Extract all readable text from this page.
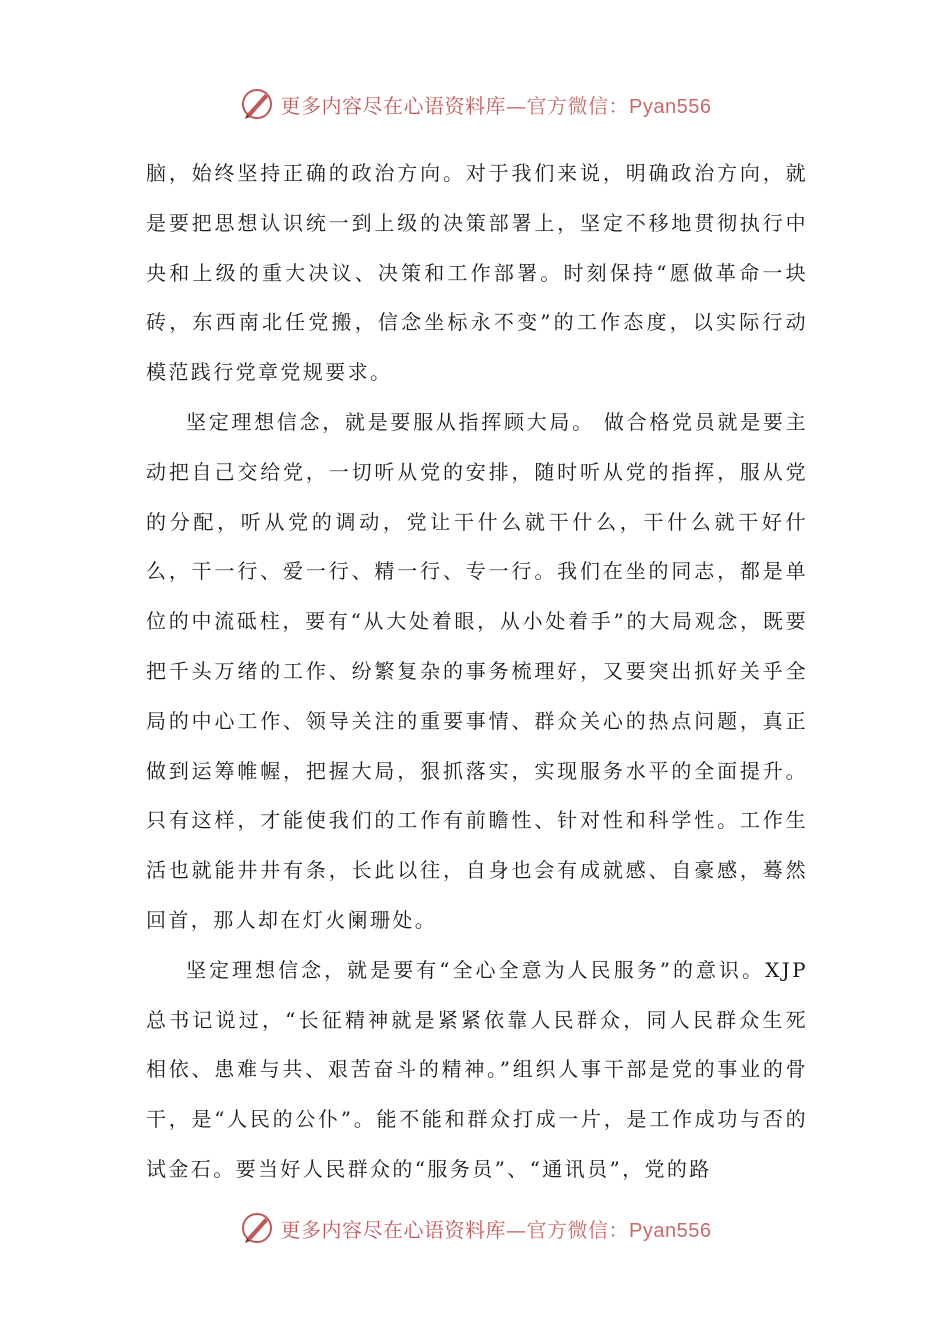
更多内容尽在心语资料库—官方微信：Pyan556

脑，始终坚持正确的政治方向。对于我们来说，明确政治方向，就是要把思想认识统一到上级的决策部署上，坚定不移地贯彻执行中央和上级的重大决议、决策和工作部署。时刻保持“愿做革命一块砖，东西南北任党搬，信念坐标永不变”的工作态度，以实际行动模范践行党章党规要求。

坚定理想信念，就是要服从指挥顾大局。 做合格党员就是要主动把自己交给党，一切听从党的安排，随时听从党的指挥，服从党的分配，听从党的调动，党让干什么就干什么，干什么就干好什么，干一行、爱一行、精一行、专一行。我们在坐的同志，都是单位的中流砥柱，要有“从大处着眼，从小处着手”的大局观念，既要把千头万绪的工作、纷繁复杂的事务梳理好，又要突出抓好关乎全局的中心工作、领导关注的重要事情、群众关心的热点问题，真正做到运筹帷幄，把握大局，狠抓落实，实现服务水平的全面提升。只有这样，才能使我们的工作有前瞻性、针对性和科学性。工作生活也就能井井有条，长此以往，自身也会有成就感、自豪感，蓦然回首，那人却在灯火阑珊处。

坚定理想信念，就是要有“全心全意为人民服务”的意识。XJP总书记说过，“长征精神就是紧紧依靠人民群众，同人民群众生死相依、患难与共、艰苦奋斗的精神。”组织人事干部是党的事业的骨干，是“人民的公仆”。能不能和群众打成一片，是工作成功与否的试金石。要当好人民群众的“服务员”、“通讯员”，党的路

更多内容尽在心语资料库—官方微信：Pyan556
